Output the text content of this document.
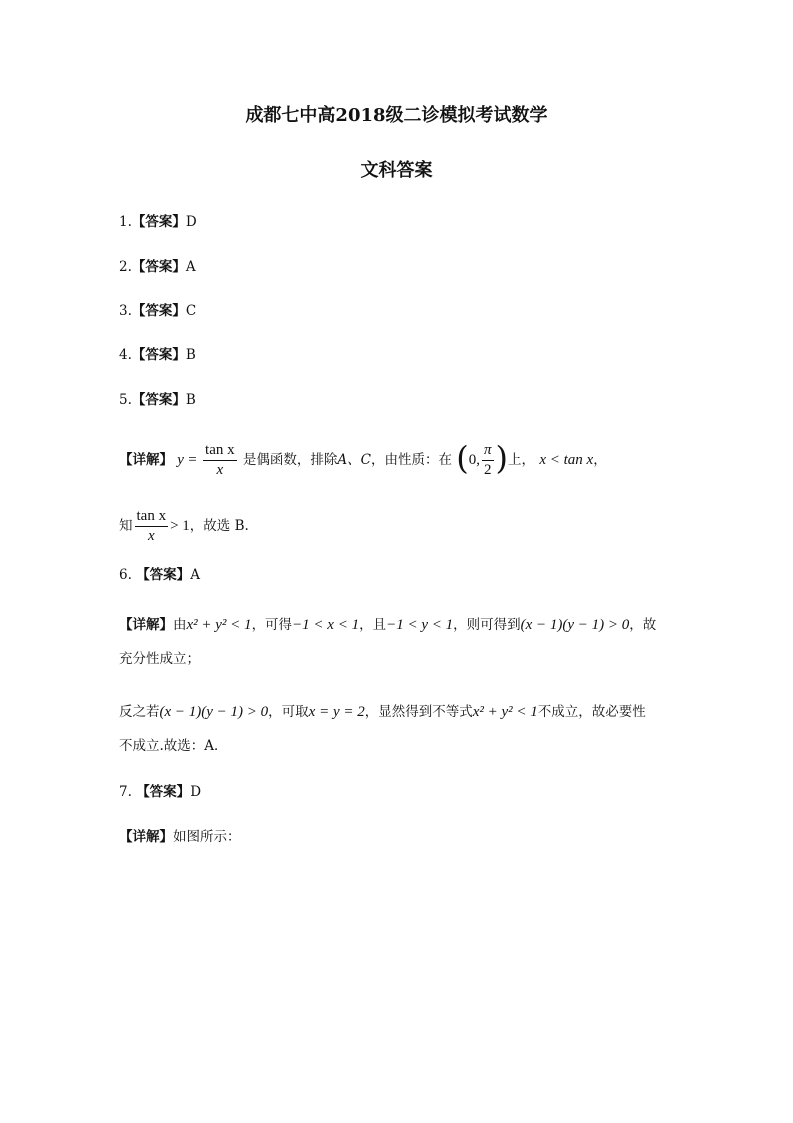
成都七中高2018级二诊模拟考试数学
文科答案
1.【答案】D
2.【答案】A
3.【答案】C
4.【答案】B
5.【答案】B
【详解】 $y = \frac{\text{tan x}}{x}$ 是偶函数，排除A、C，由性质：在 (0, $\frac{\pi}{2}$ )上， x < tan x，
知 $\frac{\text{tan x}}{x} > 1$，故选 B.
6. 【答案】A
【详解】由x² + y² < 1，可得−1 < x < 1，且−1 < y < 1，则可得到(x − 1)(y − 1) > 0，故
充分性成立；
反之若(x − 1)(y − 1) > 0，可取x = y = 2，显然得到不等式x² + y² < 1不成立，故必要性
不成立.故选：A．
7. 【答案】D
【详解】如图所示：
